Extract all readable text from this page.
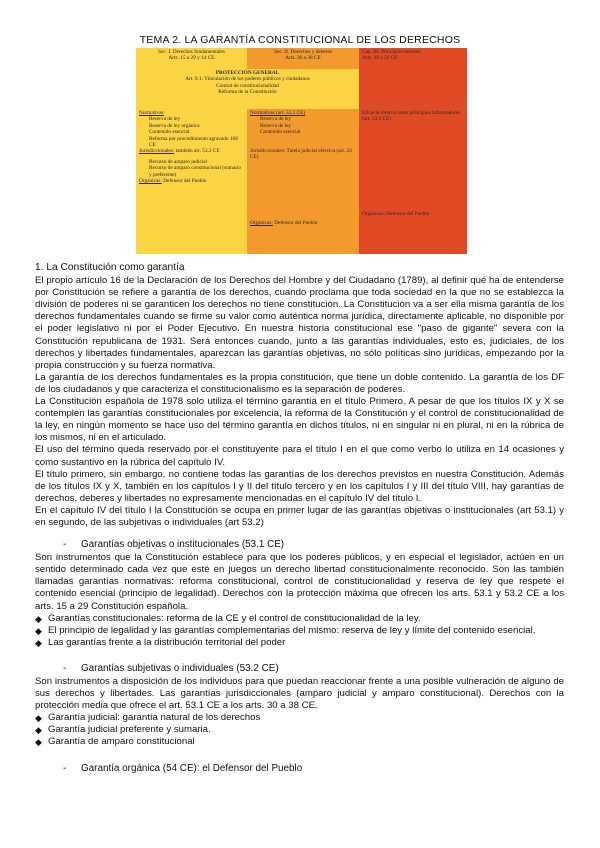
TEMA 2. LA GARANTÍA CONSTITUCIONAL DE LOS DERECHOS
Sec. I. Derechos fundamentales
Arts. 15 a 29 y 14 CE
Sec. II. Derechos y deberes
Arts. 30 a 38 CE
Cap. III. Principios rectores
Arts. 39 a 52 CE
PROTECCIÓN GENERAL
Art. 9.1: Vinculación de los poderes públicos y ciudadanos
Control de constitucionalidad
Reforma de la Constitución
Normativas
Reserva de ley
Reserva de ley orgánica
Contenido esencial
Reforma por procedimiento agravado 168 CE
Jurisdiccionales: también art. 53.2 CE
Recurso de amparo judicial
Recurso de amparo constitucional (sumario y preferente)
Orgánicas: Defensor del Pueblo
Normativas (art. 53.1 CE)
Reserva de ley
Reserva de ley
Contenido esencial
Jurisdiccionales: Tutela judicial efectiva (art. 24 CE)
Orgánicas: Defensor del Pueblo
Eficacia directa como principios informadores (art. 53.3 CE)
Orgánicas: Defensor del Pueblo
1. La Constitución como garantía

El propio artículo 16 de la Declaración de los Derechos del Hombre y del Ciudadano (1789), al definir qué ha de entenderse por Constitución se refiere a garantía de los derechos, cuando proclama que toda sociedad en la que no se establezca la división de poderes ni se garanticen los derechos no tiene constitución. La Constitución va a ser ella misma garantía de los derechos fundamentales cuando se firme su valor como auténtica norma jurídica, directamente aplicable, no disponible por el poder legislativo ni por el Poder Ejecutivo. En nuestra historia constitucional ese "paso de gigante" severa con la Constitución republicana de 1931. Será entonces cuando, junto a las garantías individuales, esto es, judiciales, de los derechos y libertades fundamentales, aparezcan las garantías objetivas, no sólo políticas sino jurídicas, empezando por la propia construcción y su fuerza normativa.

La garantía de los derechos fundamentales es la propia constitución, que tiene un doble contenido. La garantía de los DF de los ciudadanos y que caracteriza el constitucionalismo es la separación de poderes.

La Constitución española de 1978 solo utiliza el término garantía en el título Primero. A pesar de que los títulos IX y X se contemplen las garantías constitucionales por excelencia, la reforma de la Constitución y el control de constitucionalidad de la ley, en ningún momento se hace uso del término garantía en dichos títulos, ni en singular ni en plural, ni en la rúbrica de los mismos, ni en el articulado.

El uso del término queda reservado por el constituyente para el título I en el que como verbo lo utiliza en 14 ocasiones y como sustantivo en la rúbrica del capítulo IV.

El título primero, sin embargo, no contiene todas las garantías de los derechos previstos en nuestra Constitución. Además de los títulos IX y X, también en los capítulos I y II del título tercero y en los capítulos I y III del título VIII, hay garantías de derechos, deberes y libertades no expresamente mencionadas en el capítulo IV del título I.

En el capítulo IV del título I la Constitución se ocupa en primer lugar de las garantías objetivas o institucionales (art 53.1) y en segundo, de las subjetivas o individuales (art 53.2)

- Garantías objetivas o institucionales (53.1 CE)

Son instrumentos que la Constitución establece para que los poderes públicos, y en especial el legislador, actúen en un sentido determinado cada vez que esté en juegos un derecho libertad constitucionalmente reconocido. Son las también llamadas garantías normativas: reforma constitucional, control de constitucionalidad y reserva de ley que respete el contenido esencial (principio de legalidad). Derechos con la protección máxima que ofrecen los arts. 53.1 y 53.2 CE a los arts. 15 a 29 Constitución española.

◆ Garantías constitucionales: reforma de la CE y el control de constitucionalidad de la ley.
◆ El principio de legalidad y las garantías complementarias del mismo: reserva de ley y límite del contenido esencial.
◆ Las garantías frente a la distribución territorial del poder
- Garantías subjetivas o individuales (53.2 CE)

Son instrumentos a disposición de los individuos para que puedan reaccionar frente a una posible vulneración de alguno de sus derechos y libertades. Las garantías jurisdiccionales (amparo judicial y amparo constitucional). Derechos con la protección media que ofrece el art. 53.1 CE a los arts. 30 a 38 CE.

◆ Garantía judicial: garantía natural de los derechos
◆ Garantía judicial preferente y sumaria.
◆ Garantía de amparo constitucional
- Garantía orgánica (54 CE): el Defensor del Pueblo
